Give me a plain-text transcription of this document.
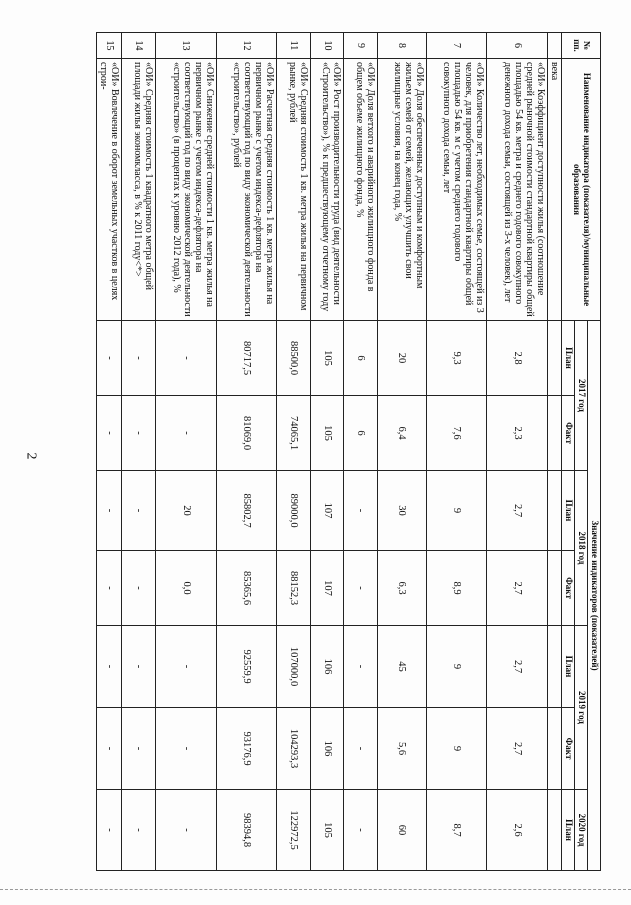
2
№ пп.	Наименование индикатора (показателя)/муниципальные образования	Значение индикаторов (показателей)						
		2017 год		2018 год		2019 год		2020 год
		План	Факт	План	Факт	План	Факт	План
	века							
6	«ОИ» Коэффициент доступности жилья (соотношение средней рыночной стоимости стандартной квартиры общей площадью 54 кв. метра и среднего годового совокупного денежного дохода семьи, состоящей из 3-х человек), лет	2,8	2,3	2,7	2,7	2,7	2,7	2,6
7	«ОИ» Количество лет, необходимых семье, состоящей из 3 человек, для приобретения стандартной квартиры общей площадью 54 кв. м с учетом среднего годового совокупного дохода семьи, лет	9,3	7,6	9	8,9	9	9	8,7
8	«ОИ» Доля обеспеченных доступным и комфортным жильем семей от семей, желающих улучшить свои жилищные условия, на конец года, %	20	6,4	30	6,3	45	5,6	60
9	«ОИ» Доля ветхого и аварийного жилищного фонда в общем объеме жилищного фонда, %	6	6	-	-	-	-	-
10	«ОИ» Рост производительности труда (вид деятельности «Строительство»), % к предшествующему отчетному году	105	105	107	107	106	106	105
11	«ОИ» Средняя стоимость 1 кв. метра жилья на первичном рынке, рублей	88500,0	74065,1	89000,0	88152,3	107000,0	104293,3	122972,5
12	«ОИ» Расчетная средняя стоимость 1 кв. метра жилья на первичном рынке с учетом индекса-дефлятора на соответствующий год по виду экономической деятельности «строительство», рублей	80717,5	81069,0	85802,7	85365,6	92559,9	93176,9	98394,8
13	«ОИ» Снижение средней стоимости 1 кв. метра жилья на первичном рынке с учетом индекса-дефлятора на соответствующий год по виду экономической деятельности «строительство» (в процентах к уровню 2012 года), %	-	-	20	0,0	-	-	-
14	«ОИ» Средняя стоимость 1 квадратного метра общей площади жилья экономкласса, в % к 2011 году<*>	-	-	-	-	-	-	-
15	«ОИ» Вовлечение в оборот земельных участков в целях строи-	-	-	-	-	-	-	-
